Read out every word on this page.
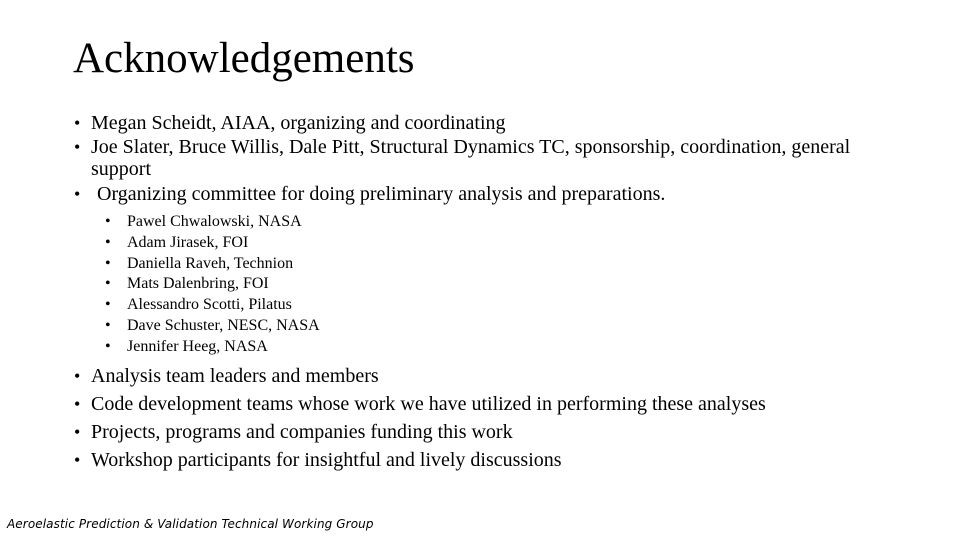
Acknowledgements
• Megan Scheidt, AIAA, organizing and coordinating
• Joe Slater, Bruce Willis, Dale Pitt, Structural Dynamics TC, sponsorship, coordination, general support
• Organizing committee for doing preliminary analysis and preparations.
• Pawel Chwalowski, NASA
• Adam Jirasek, FOI
• Daniella Raveh, Technion
• Mats Dalenbring, FOI
• Alessandro Scotti, Pilatus
• Dave Schuster, NESC, NASA
• Jennifer Heeg, NASA
• Analysis team leaders and members
• Code development teams whose work we have utilized in performing these analyses
• Projects, programs and companies funding this work
• Workshop participants for insightful and lively discussions
Aeroelastic Prediction & Validation Technical Working Group
